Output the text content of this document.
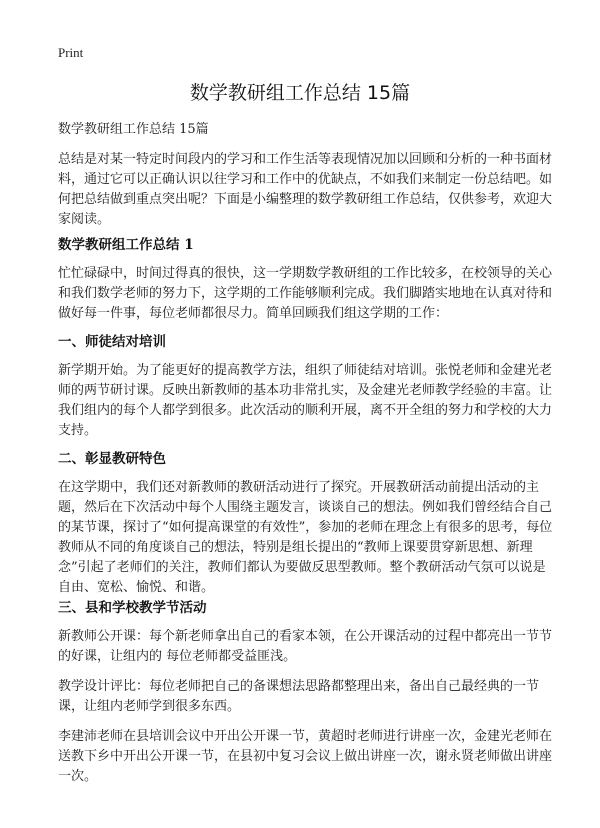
Print
数学教研组工作总结 15篇
数学教研组工作总结 15篇
总结是对某一特定时间段内的学习和工作生活等表现情况加以回顾和分析的一种书面材料，通过它可以正确认识以往学习和工作中的优缺点，不如我们来制定一份总结吧。如何把总结做到重点突出呢？下面是小编整理的数学教研组工作总结，仅供参考，欢迎大家阅读。
数学教研组工作总结 1
忙忙碌碌中，时间过得真的很快，这一学期数学教研组的工作比较多，在校领导的关心和我们数学老师的努力下，这学期的工作能够顺利完成。我们脚踏实地地在认真对待和做好每一件事，每位老师都很尽力。简单回顾我们组这学期的工作：
一、师徒结对培训
新学期开始。为了能更好的提高教学方法，组织了师徒结对培训。张悦老师和金建光老师的两节研讨课。反映出新教师的基本功非常扎实，及金建光老师教学经验的丰富。让我们组内的每个人都学到很多。此次活动的顺利开展，离不开全组的努力和学校的大力支持。
二、彰显教研特色
在这学期中，我们还对新教师的教研活动进行了探究。开展教研活动前提出活动的主题，然后在下次活动中每个人围绕主题发言，谈谈自己的想法。例如我们曾经结合自己的某节课，探讨了“如何提高课堂的有效性”，参加的老师在理念上有很多的思考，每位教师从不同的角度谈自己的想法，特别是组长提出的“教师上课要贯穿新思想、新理念”引起了老师们的关注，教师们都认为要做反思型教师。整个教研活动气氛可以说是自由、宽松、愉悦、和谐。
三、县和学校教学节活动
新教师公开课：每个新老师拿出自己的看家本领，在公开课活动的过程中都亮出一节节的好课，让组内的 每位老师都受益匪浅。
教学设计评比：每位老师把自己的备课想法思路都整理出来，备出自己最经典的一节课，让组内老师学到很多东西。
李建沛老师在县培训会议中开出公开课一节，黄超时老师进行讲座一次，金建光老师在送教下乡中开出公开课一节，在县初中复习会议上做出讲座一次，谢永贤老师做出讲座一次。
